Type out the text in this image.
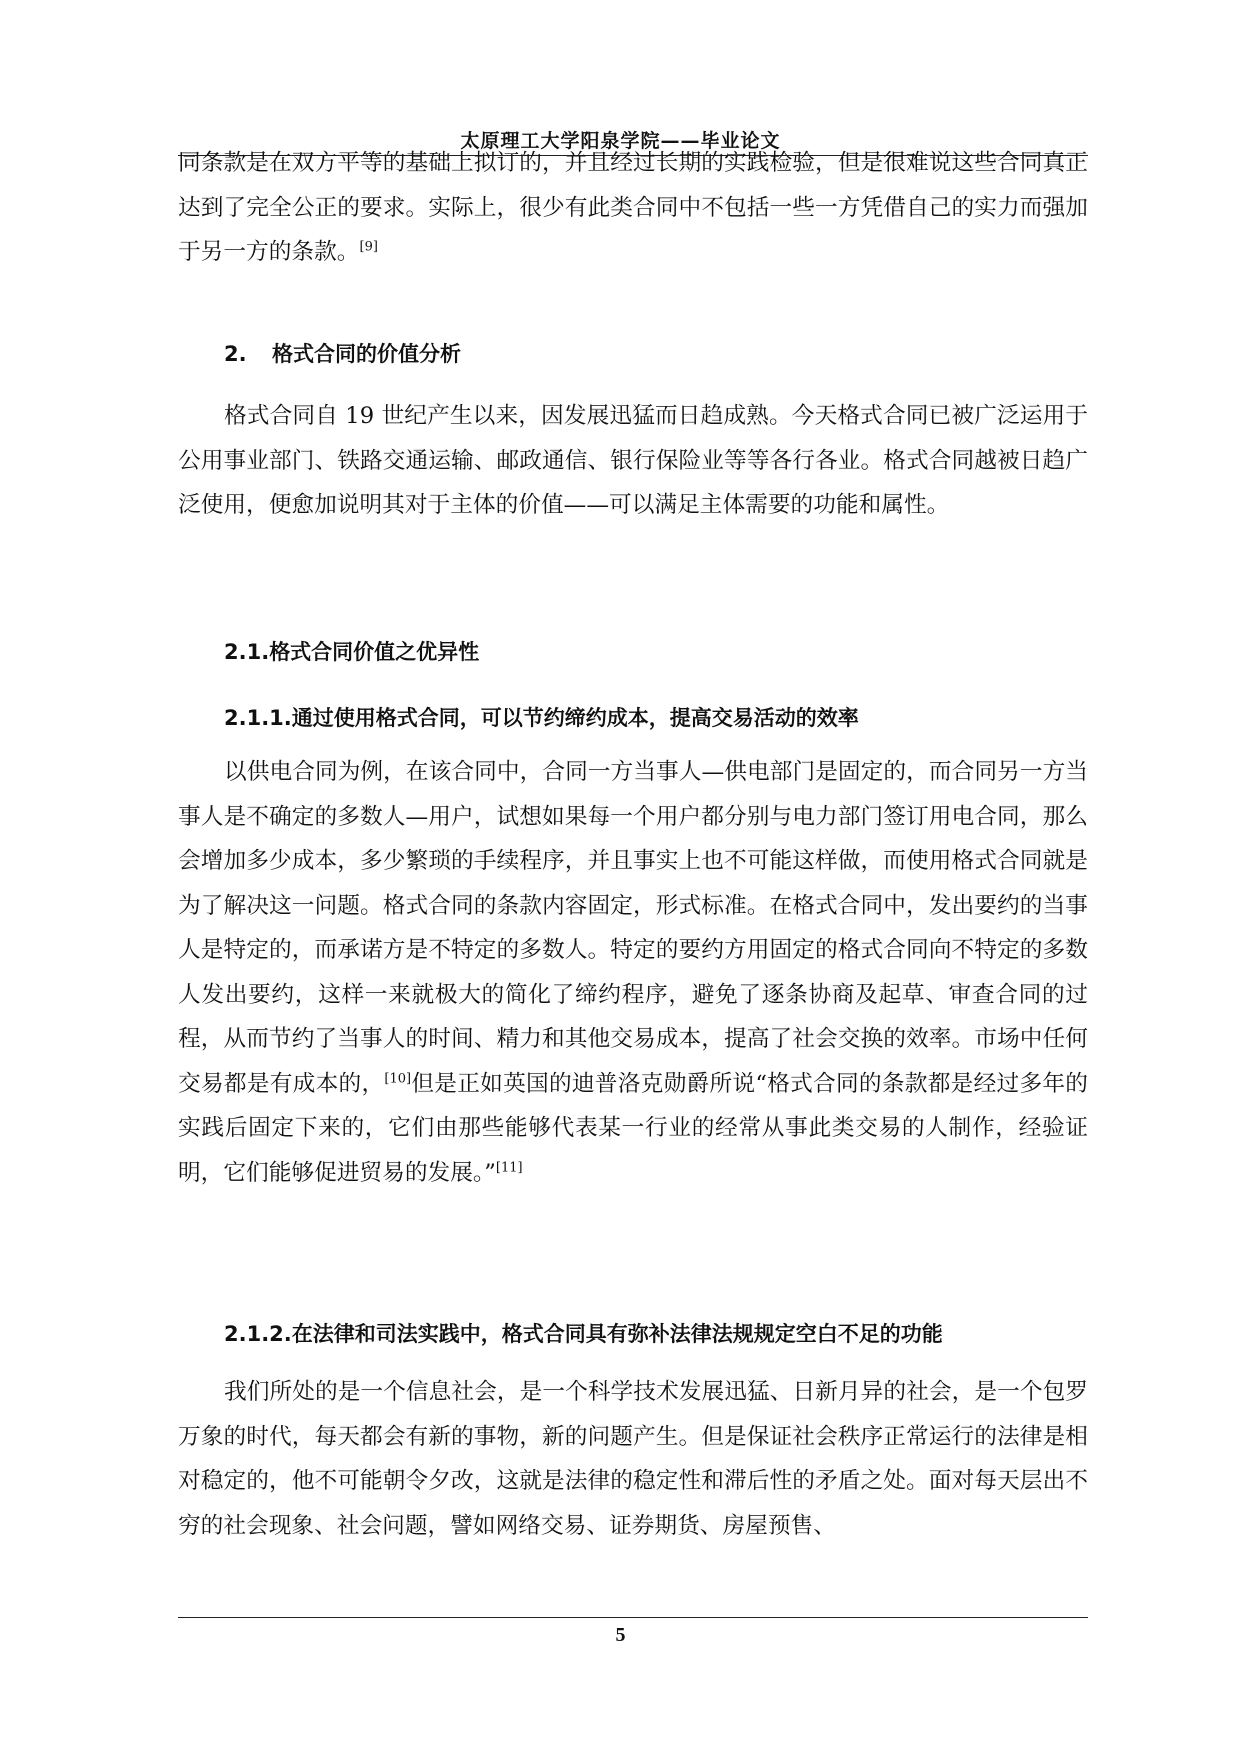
太原理工大学阳泉学院——毕业论文

同条款是在双方平等的基础上拟订的，并且经过长期的实践检验，但是很难说这些合同真正达到了完全公正的要求。实际上，很少有此类合同中不包括一些一方凭借自己的实力而强加于另一方的条款。[9]

2. 格式合同的价值分析

格式合同自 19 世纪产生以来，因发展迅猛而日趋成熟。今天格式合同已被广泛运用于公用事业部门、铁路交通运输、邮政通信、银行保险业等等各行各业。格式合同越被日趋广泛使用，便愈加说明其对于主体的价值——可以满足主体需要的功能和属性。

2.1.格式合同价值之优异性
2.1.1.通过使用格式合同，可以节约缔约成本，提高交易活动的效率

以供电合同为例，在该合同中，合同一方当事人—供电部门是固定的，而合同另一方当事人是不确定的多数人—用户，试想如果每一个用户都分别与电力部门签订用电合同，那么会增加多少成本，多少繁琐的手续程序，并且事实上也不可能这样做，而使用格式合同就是为了解决这一问题。格式合同的条款内容固定，形式标准。在格式合同中，发出要约的当事人是特定的，而承诺方是不特定的多数人。特定的要约方用固定的格式合同向不特定的多数人发出要约，这样一来就极大的简化了缔约程序，避免了逐条协商及起草、审查合同的过程，从而节约了当事人的时间、精力和其他交易成本，提高了社会交换的效率。市场中任何交易都是有成本的，[10]但是正如英国的迪普洛克勋爵所说“格式合同的条款都是经过多年的实践后固定下来的，它们由那些能够代表某一行业的经常从事此类交易的人制作，经验证明，它们能够促进贸易的发展。”[11]

2.1.2.在法律和司法实践中，格式合同具有弥补法律法规规定空白不足的功能

我们所处的是一个信息社会，是一个科学技术发展迅猛、日新月异的社会，是一个包罗万象的时代，每天都会有新的事物，新的问题产生。但是保证社会秩序正常运行的法律是相对稳定的，他不可能朝令夕改，这就是法律的稳定性和滞后性的矛盾之处。面对每天层出不穷的社会现象、社会问题，譬如网络交易、证券期货、房屋预售、

5
